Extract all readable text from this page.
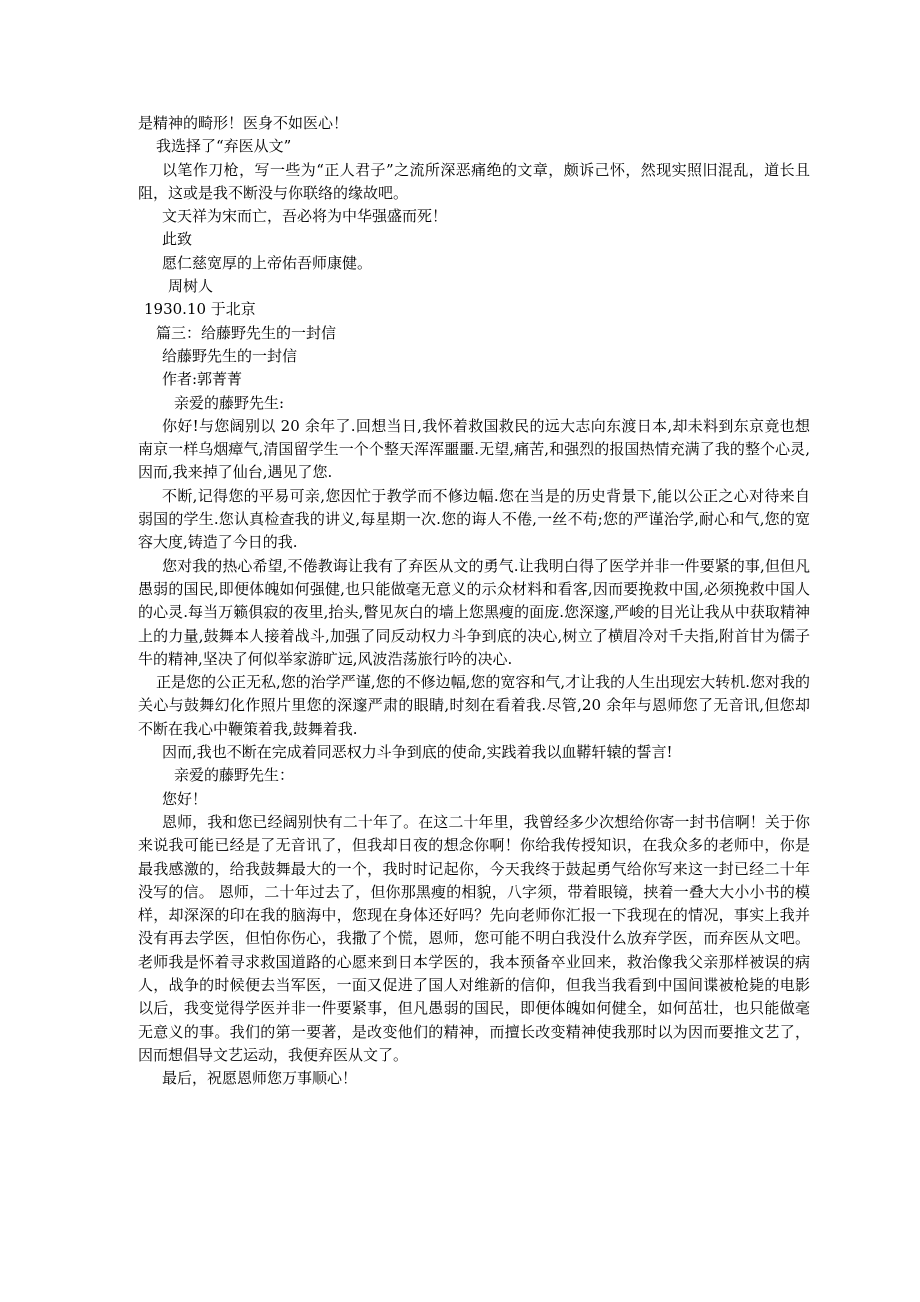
是精神的畸形！医身不如医心！

我选择了“弃医从文”

以笔作刀枪，写一些为“正人君子”之流所深恶痛绝的文章，颇诉己怀，然现实照旧混乱，道长且阻，这或是我不断没与你联络的缘故吧。

文天祥为宋而亡，吾必将为中华强盛而死！

此致

愿仁慈宽厚的上帝佑吾师康健。

周树人

1930.10 于北京

篇三：给藤野先生的一封信

给藤野先生的一封信

作者:郭菁菁

亲爱的藤野先生:

你好!与您阔别以 20 余年了.回想当日,我怀着救国救民的远大志向东渡日本,却未料到东京竟也想南京一样乌烟瘴气,清国留学生一个个整天浑浑噩噩.无望,痛苦,和强烈的报国热情充满了我的整个心灵,因而,我来掉了仙台,遇见了您.

不断,记得您的平易可亲,您因忙于教学而不修边幅.您在当是的历史背景下,能以公正之心对待来自弱国的学生.您认真检查我的讲义,每星期一次.您的诲人不倦,一丝不苟;您的严谨治学,耐心和气,您的宽容大度,铸造了今日的我.

您对我的热心希望,不倦教诲让我有了弃医从文的勇气.让我明白得了医学并非一件要紧的事,但但凡愚弱的国民,即便体魄如何强健,也只能做毫无意义的示众材料和看客,因而要挽救中国,必须挽救中国人的心灵.每当万籁俱寂的夜里,抬头,瞥见灰白的墙上您黑瘦的面庞.您深邃,严峻的目光让我从中获取精神上的力量,鼓舞本人接着战斗,加强了同反动权力斗争到底的决心,树立了横眉冷对千夫指,附首甘为儒子牛的精神,坚决了何似举家游旷远,风波浩荡旅行吟的决心.

正是您的公正无私,您的治学严谨,您的不修边幅,您的宽容和气,才让我的人生出现宏大转机.您对我的关心与鼓舞幻化作照片里您的深邃严肃的眼睛,时刻在看着我.尽管,20 余年与恩师您了无音讯,但您却不断在我心中鞭策着我,鼓舞着我.

因而,我也不断在完成着同恶权力斗争到底的使命,实践着我以血鞯轩辕的誓言!

亲爱的藤野先生：

您好！

恩师，我和您已经阔别快有二十年了。在这二十年里，我曾经多少次想给你寄一封书信啊！关于你来说我可能已经是了无音讯了，但我却日夜的想念你啊！你给我传授知识，在我众多的老师中，你是最我感激的，给我鼓舞最大的一个，我时时记起你，今天我终于鼓起勇气给你写来这一封已经二十年没写的信。 恩师，二十年过去了，但你那黑瘦的相貌，八字须，带着眼镜，挟着一叠大大小小书的模样，却深深的印在我的脑海中，您现在身体还好吗？先向老师你汇报一下我现在的情况，事实上我并没有再去学医，但怕你伤心，我撒了个慌，恩师，您可能不明白我没什么放弃学医，而弃医从文吧。老师我是怀着寻求救国道路的心愿来到日本学医的，我本预备卒业回来，救治像我父亲那样被误的病人，战争的时候便去当军医，一面又促进了国人对维新的信仰，但我当我看到中国间谍被枪毙的电影以后，我变觉得学医并非一件要紧事，但凡愚弱的国民，即便体魄如何健全，如何茁壮，也只能做毫无意义的事。我们的第一要著，是改变他们的精神，而擅长改变精神使我那时以为因而要推文艺了，因而想倡导文艺运动，我便弃医从文了。

最后，祝愿恩师您万事顺心！
